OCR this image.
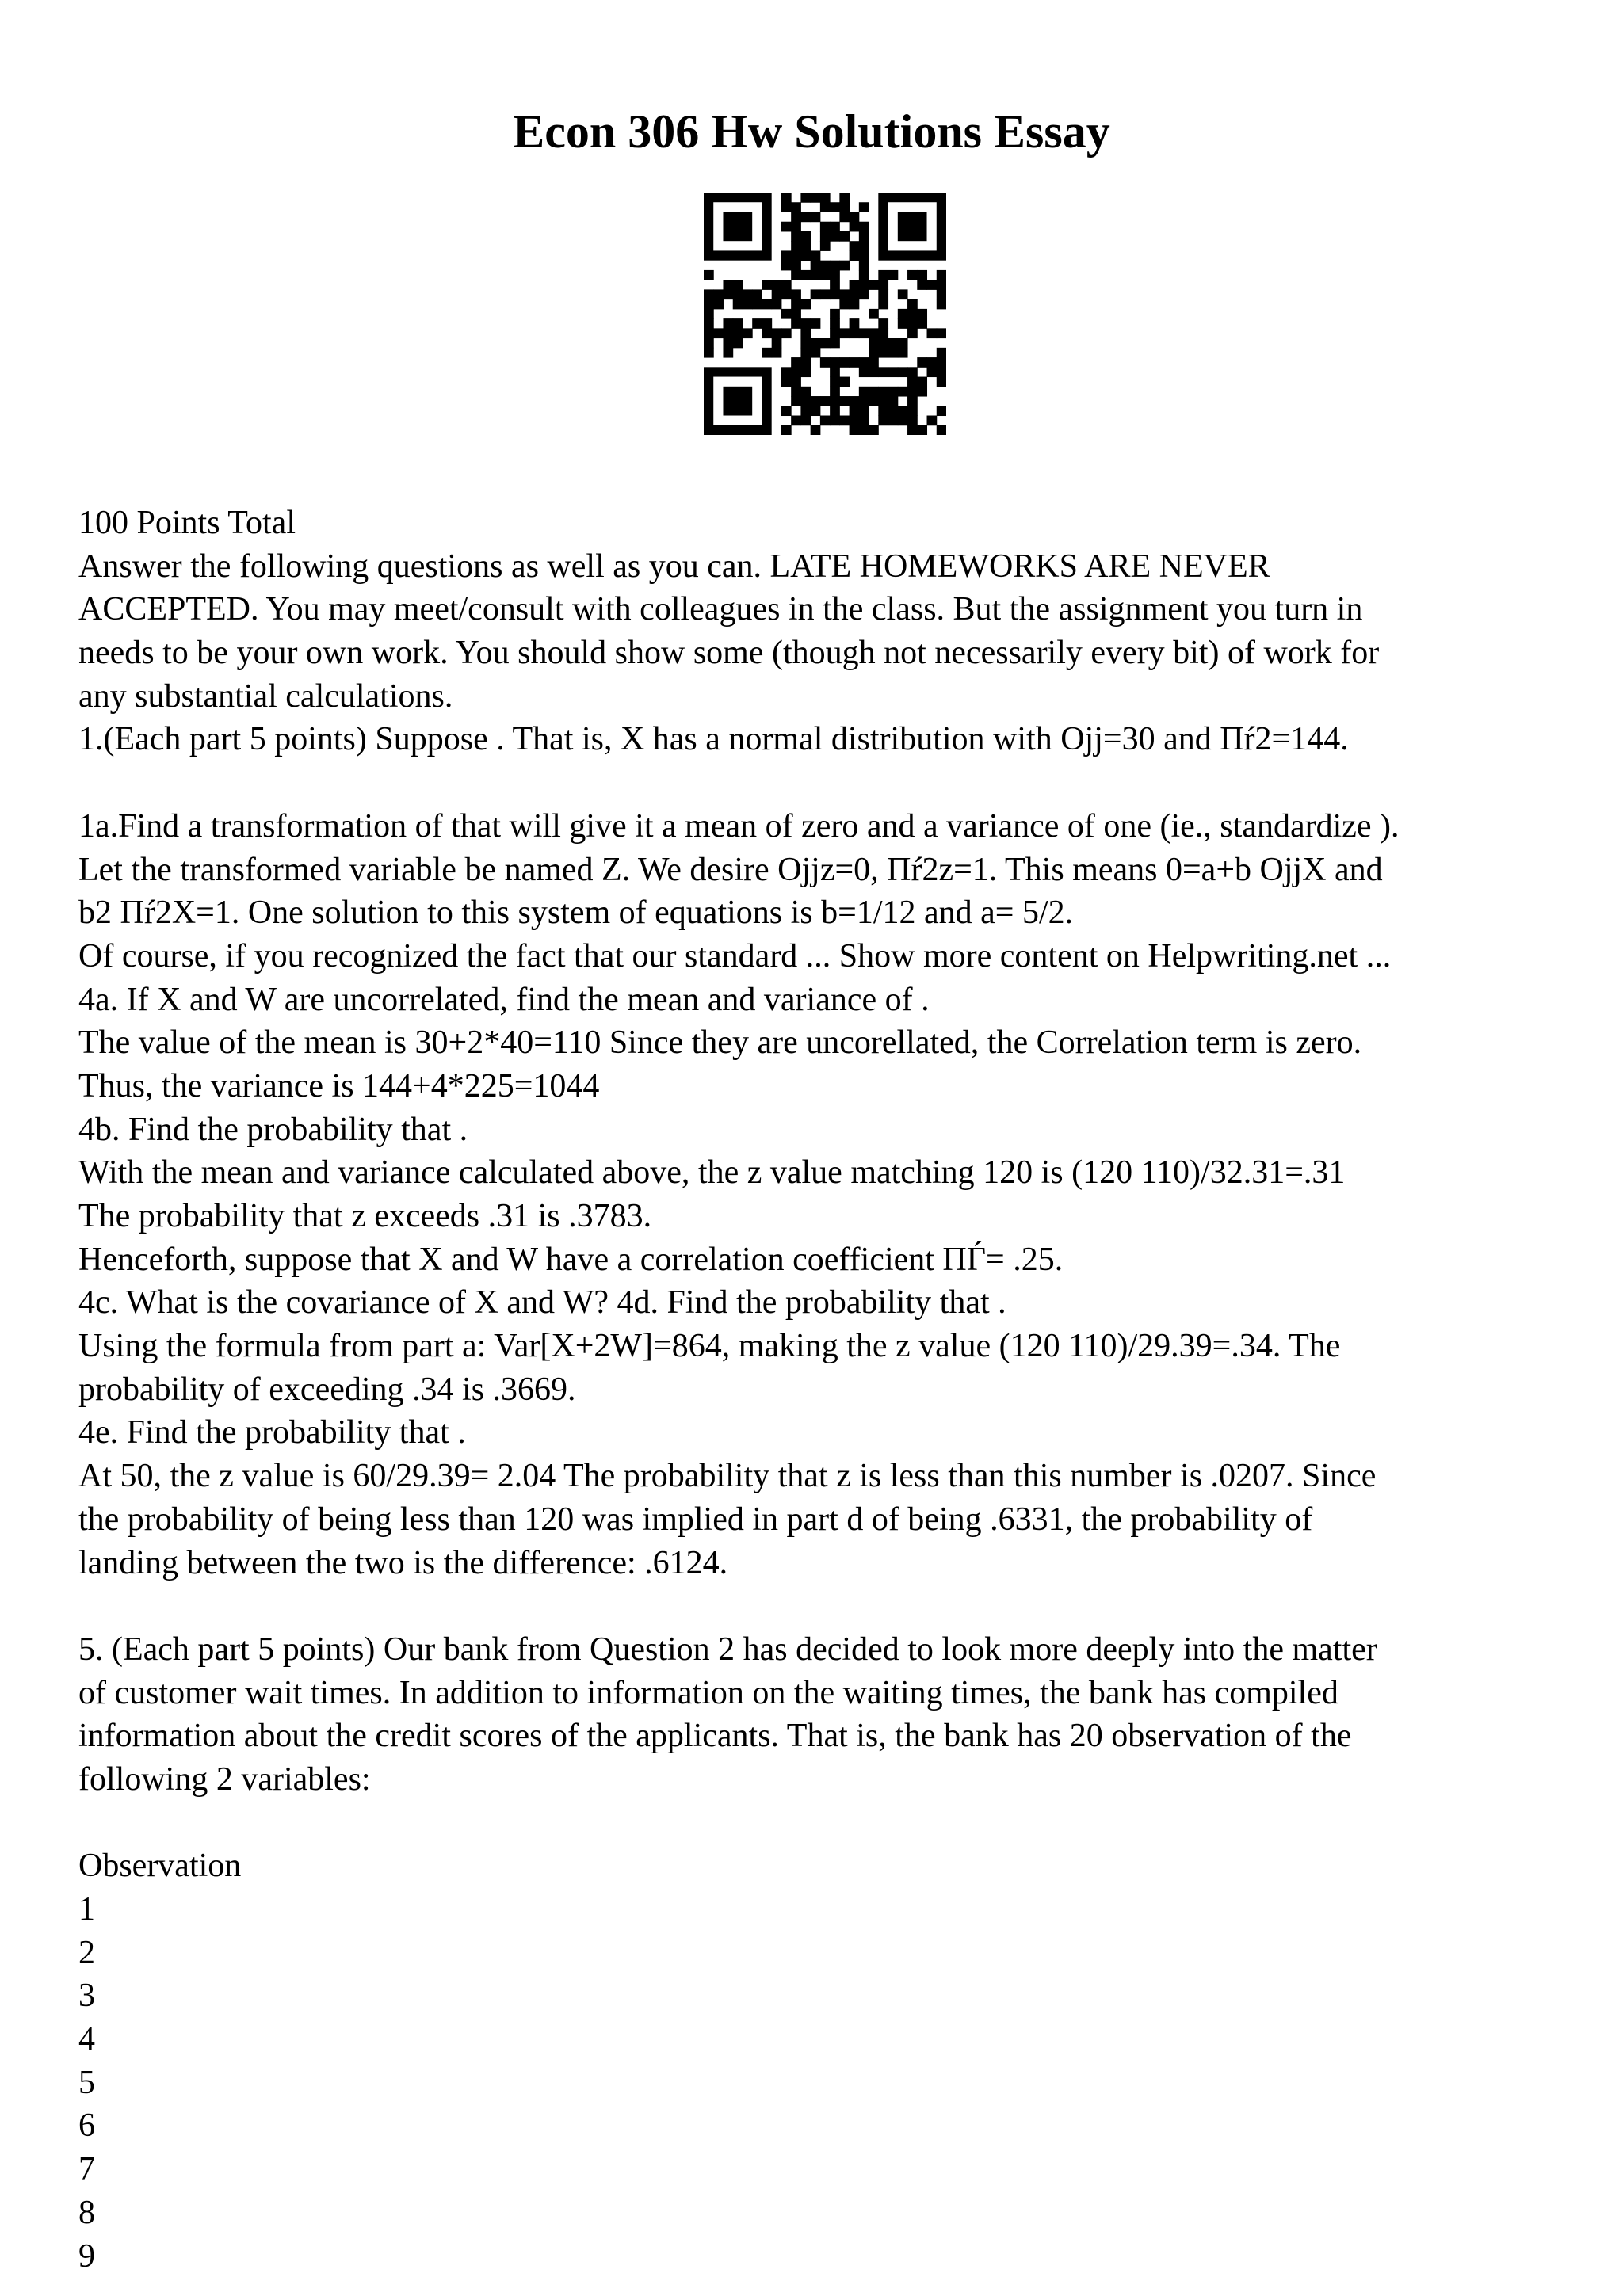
Econ 306 Hw Solutions Essay
100 Points Total
Answer the following questions as well as you can. LATE HOMEWORKS ARE NEVER
ACCEPTED. You may meet/consult with colleagues in the class. But the assignment you turn in
needs to be your own work. You should show some (though not necessarily every bit) of work for
any substantial calculations.
1.(Each part 5 points) Suppose . That is, X has a normal distribution with Ojj=30 and Пŕ2=144.
1a.Find a transformation of that will give it a mean of zero and a variance of one (ie., standardize ).
Let the transformed variable be named Z. We desire Ojjz=0, Пŕ2z=1. This means 0=a+b OjjX and
b2 Пŕ2X=1. One solution to this system of equations is b=1/12 and a= 5/2.
Of course, if you recognized the fact that our standard ... Show more content on Helpwriting.net ...
4a. If X and W are uncorrelated, find the mean and variance of .
The value of the mean is 30+2*40=110 Since they are uncorellated, the Correlation term is zero.
Thus, the variance is 144+4*225=1044
4b. Find the probability that .
With the mean and variance calculated above, the z value matching 120 is (120 110)/32.31=.31
The probability that z exceeds .31 is .3783.
Henceforth, suppose that X and W have a correlation coefficient ПЃ= .25.
4c. What is the covariance of X and W? 4d. Find the probability that .
Using the formula from part a: Var[X+2W]=864, making the z value (120 110)/29.39=.34. The
probability of exceeding .34 is .3669.
4e. Find the probability that .
At 50, the z value is 60/29.39= 2.04 The probability that z is less than this number is .0207. Since
the probability of being less than 120 was implied in part d of being .6331, the probability of
landing between the two is the difference: .6124.
5. (Each part 5 points) Our bank from Question 2 has decided to look more deeply into the matter
of customer wait times. In addition to information on the waiting times, the bank has compiled
information about the credit scores of the applicants. That is, the bank has 20 observation of the
following 2 variables:
Observation
1
2
3
4
5
6
7
8
9
